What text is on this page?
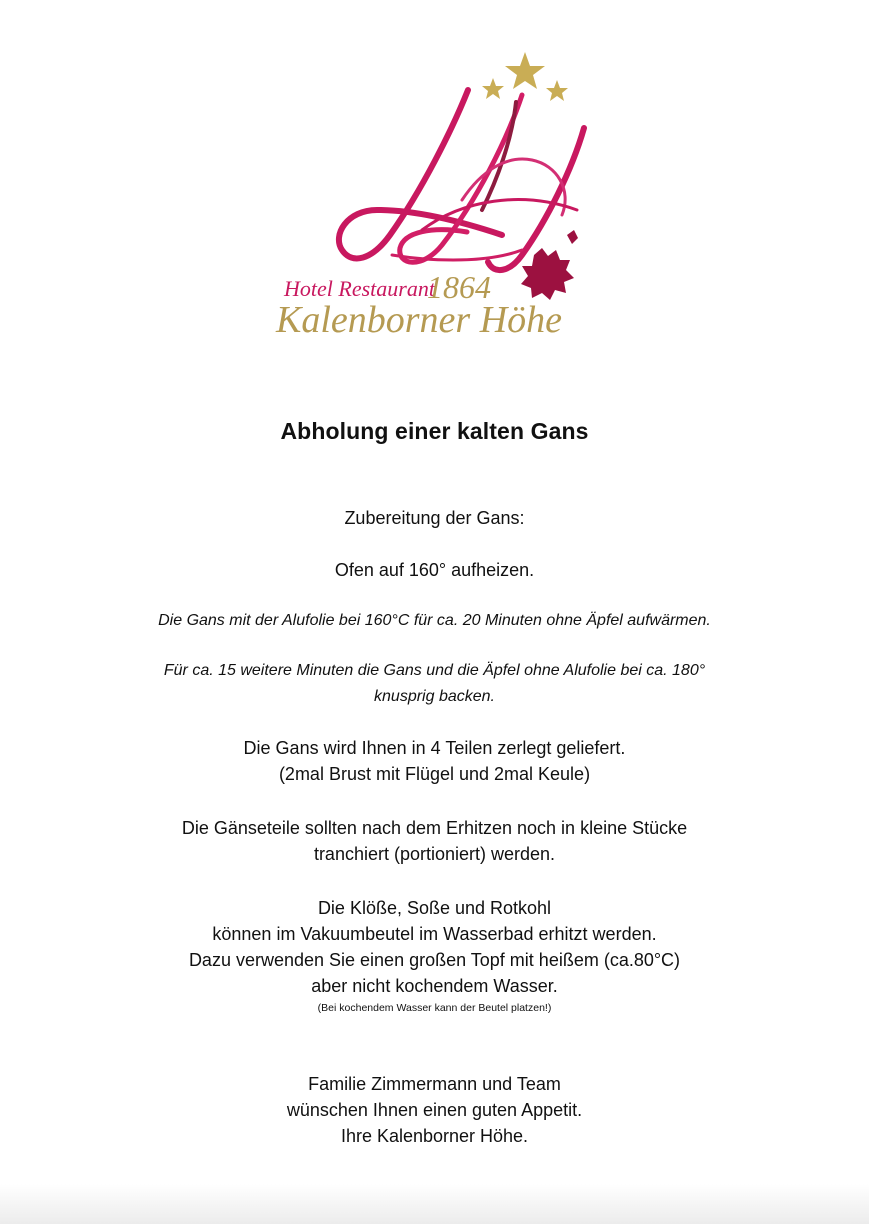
Hotel Restaurant
1864
Kalenborner Höhe
Abholung einer kalten Gans
Zubereitung der Gans:
Ofen auf 160° aufheizen.
Die Gans mit der Alufolie bei 160°C für ca. 20 Minuten ohne Äpfel aufwärmen.
Für ca. 15 weitere Minuten die Gans und die Äpfel ohne Alufolie bei ca. 180°
knusprig backen.
Die Gans wird Ihnen in 4 Teilen zerlegt geliefert.
(2mal Brust mit Flügel und 2mal Keule)
Die Gänseteile sollten nach dem Erhitzen noch in kleine Stücke
tranchiert (portioniert) werden.
Die Klöße, Soße und Rotkohl
können im Vakuumbeutel im Wasserbad erhitzt werden.
Dazu verwenden Sie einen großen Topf mit heißem (ca.80°C)
aber nicht kochendem Wasser.
(Bei kochendem Wasser kann der Beutel platzen!)
Familie Zimmermann und Team
wünschen Ihnen einen guten Appetit.
Ihre Kalenborner Höhe.
